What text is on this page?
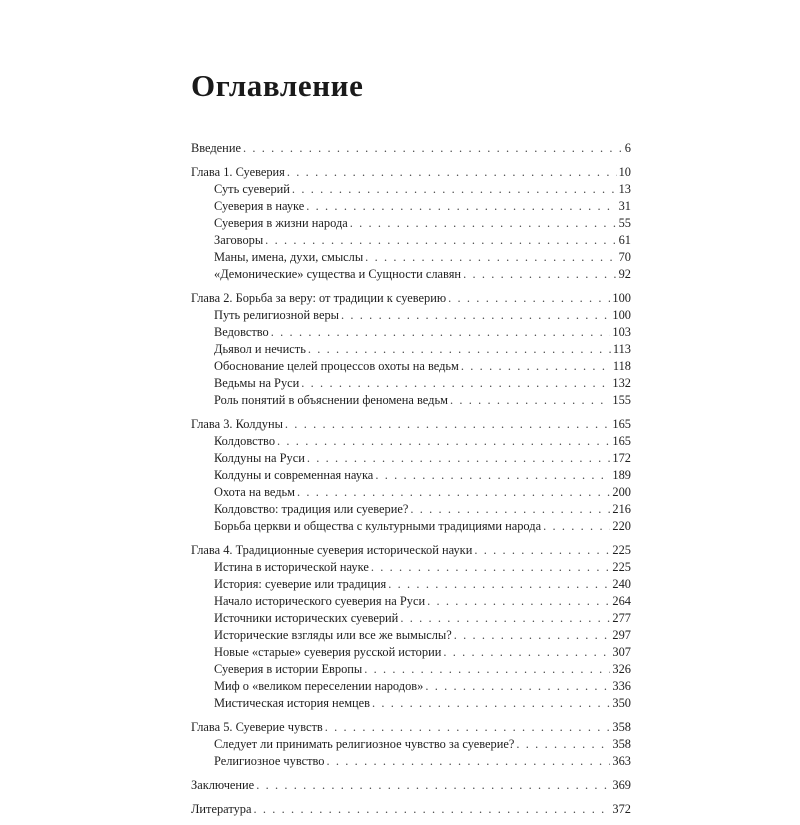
Оглавление
Введение . . .	6
Глава 1. Суеверия . . .	10
Суть суеверий . . .	13
Суеверия в науке . . .	31
Суеверия в жизни народа . . .	55
Заговоры . . .	61
Маны, имена, духи, смыслы . . .	70
«Демонические» существа и Сущности славян . . .	92
Глава 2. Борьба за веру: от традиции к суеверию . . .	100
Путь религиозной веры . . .	100
Ведовство . . .	103
Дьявол и нечисть . . .	113
Обоснование целей процессов охоты на ведьм . . .	118
Ведьмы на Руси . . .	132
Роль понятий в объяснении феномена ведьм . . .	155
Глава 3. Колдуны . . .	165
Колдовство . . .	165
Колдуны на Руси . . .	172
Колдуны и современная наука . . .	189
Охота на ведьм . . .	200
Колдовство: традиция или суеверие? . . .	216
Борьба церкви и общества с культурными традициями народа . . .	220
Глава 4. Традиционные суеверия исторической науки . . .	225
Истина в исторической науке . . .	225
История: суеверие или традиция . . .	240
Начало исторического суеверия на Руси . . .	264
Источники исторических суеверий . . .	277
Исторические взгляды или все же вымыслы? . . .	297
Новые «старые» суеверия русской истории . . .	307
Суеверия в истории Европы . . .	326
Миф о «великом переселении народов» . . .	336
Мистическая история немцев . . .	350
Глава 5. Суеверие чувств . . .	358
Следует ли принимать религиозное чувство за суеверие? . . .	358
Религиозное чувство . . .	363
Заключение . . .	369
Литература . . .	372
